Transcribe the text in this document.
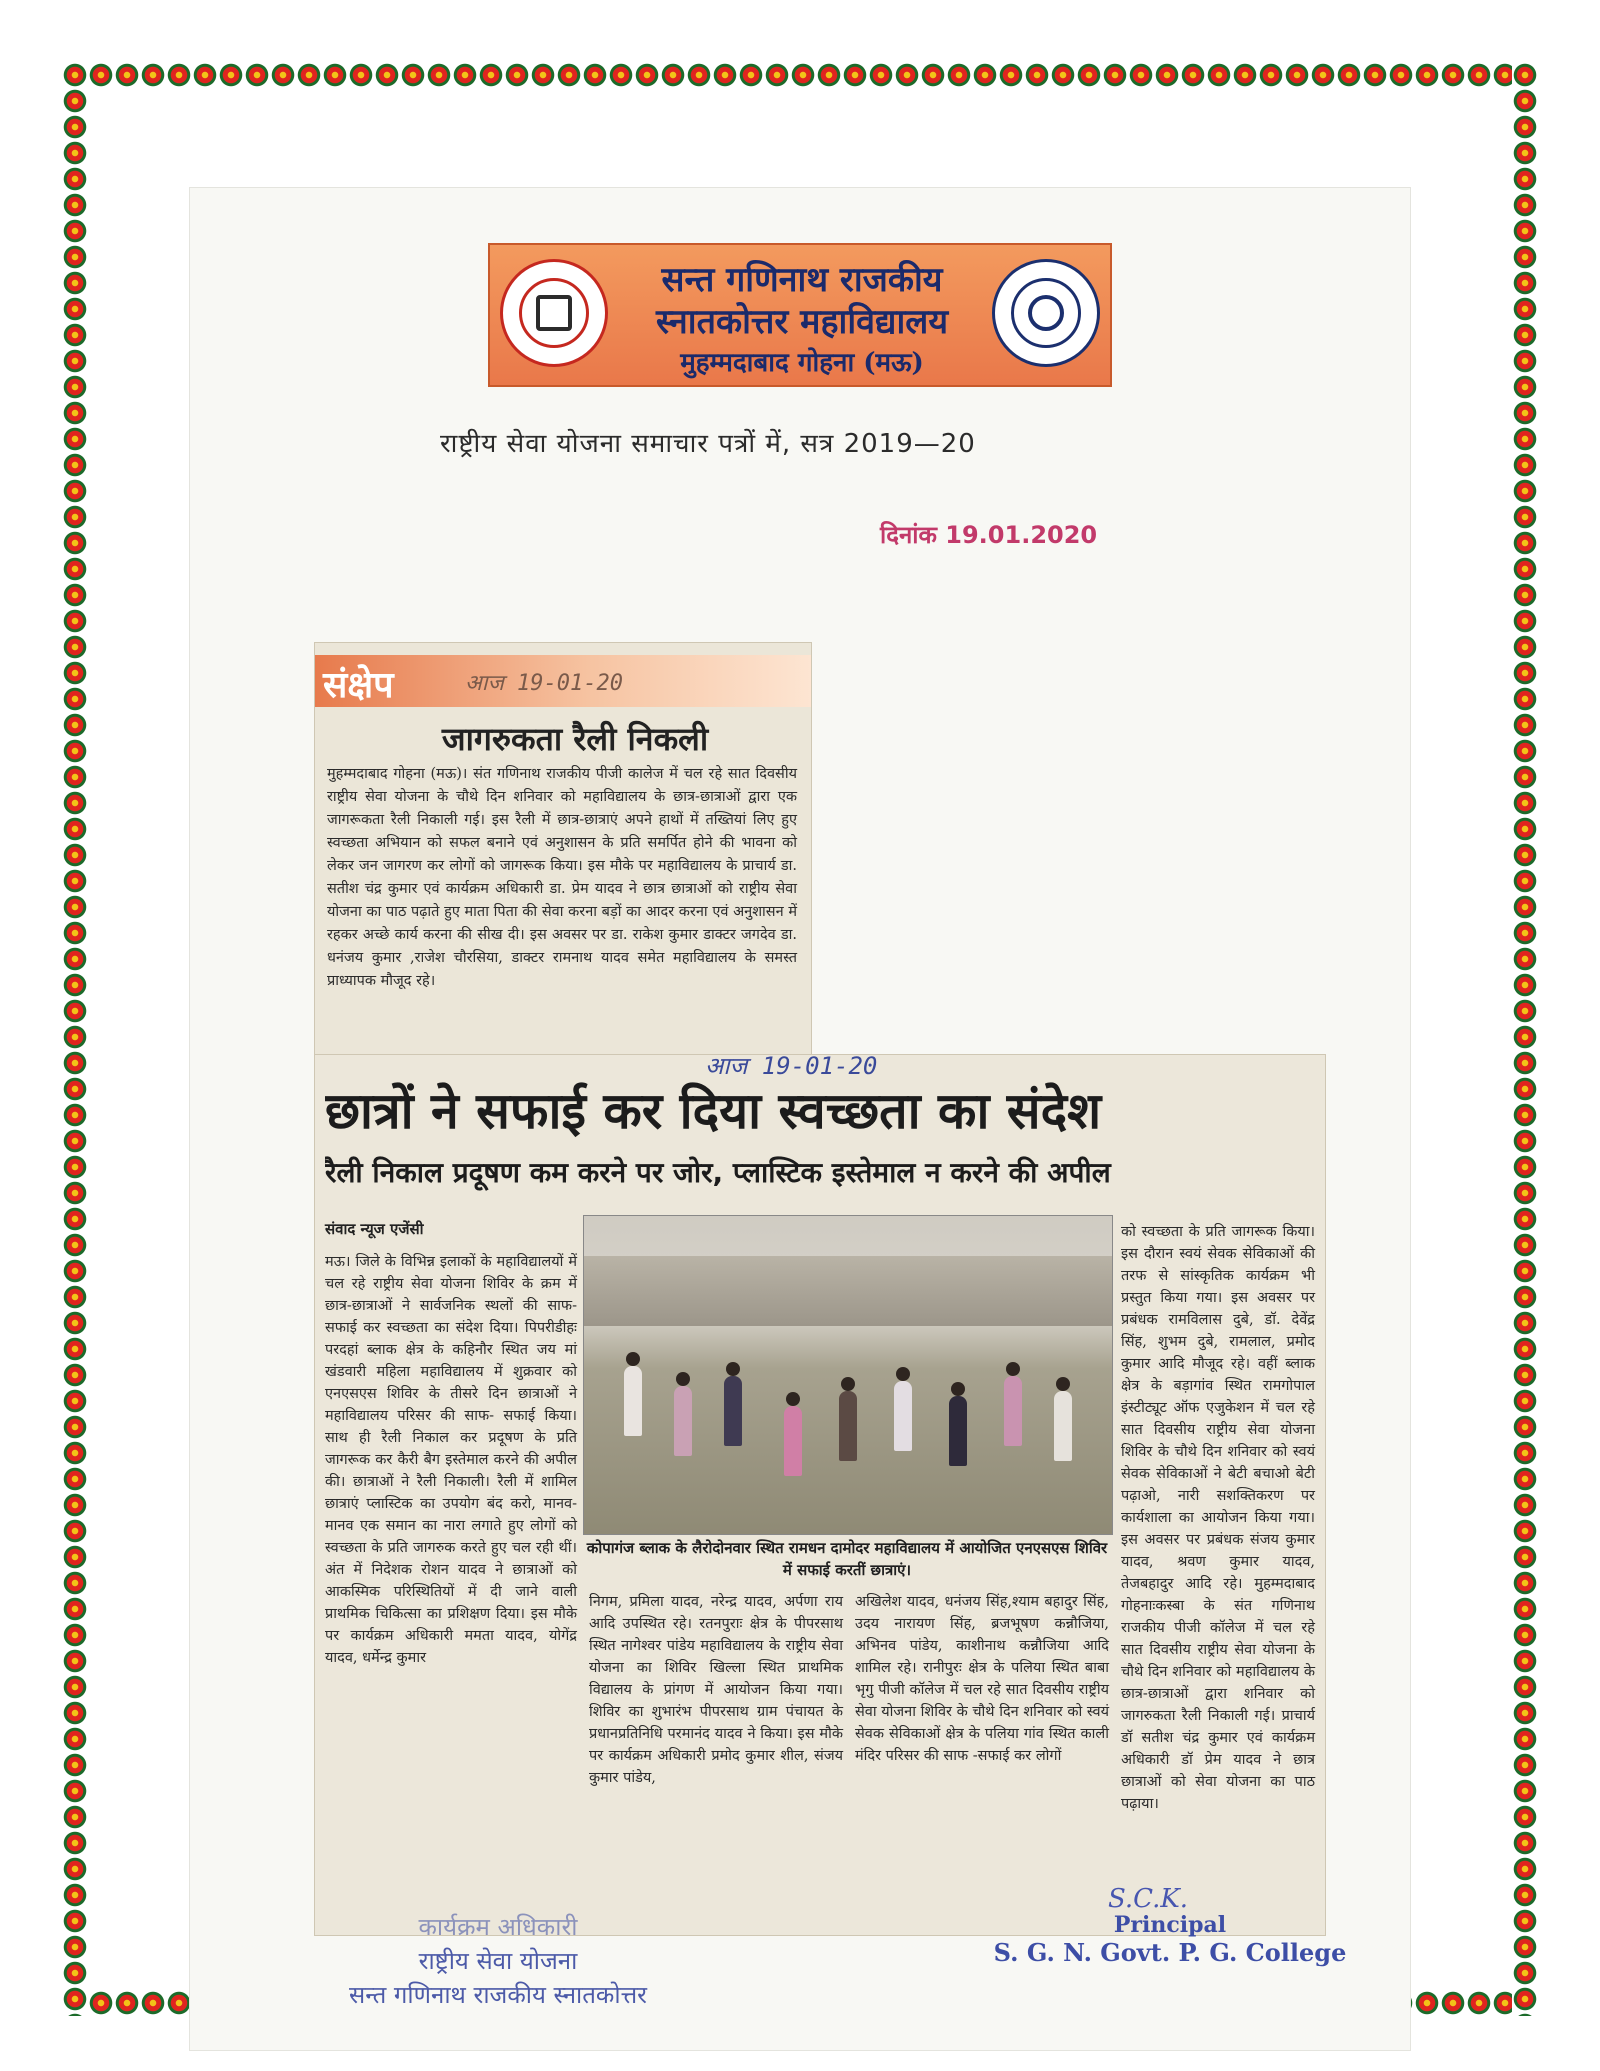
सन्त गणिनाथ राजकीय
स्नातकोत्तर महाविद्यालय
मुहम्मदाबाद गोहना (मऊ)
राष्ट्रीय सेवा योजना समाचार पत्रों में, सत्र 2019—20
दिनांक 19.01.2020
संक्षेप	आज 19-01-20
जागरुकता रैली निकली
मुहम्मदाबाद गोहना (मऊ)। संत गणिनाथ राजकीय पीजी कालेज में चल रहे सात दिवसीय राष्ट्रीय सेवा योजना के चौथे दिन शनिवार को महाविद्यालय के छात्र-छात्राओं द्वारा एक जागरूकता रैली निकाली गई। इस रैली में छात्र-छात्राएं अपने हाथों में तख्तियां लिए हुए स्वच्छता अभियान को सफल बनाने एवं अनुशासन के प्रति समर्पित होने की भावना को लेकर जन जागरण कर लोगों को जागरूक किया। इस मौके पर महाविद्यालय के प्राचार्य डा. सतीश चंद्र कुमार एवं कार्यक्रम अधिकारी डा. प्रेम यादव ने छात्र छात्राओं को राष्ट्रीय सेवा योजना का पाठ पढ़ाते हुए माता पिता की सेवा करना बड़ों का आदर करना एवं अनुशासन में रहकर अच्छे कार्य करना की सीख दी। इस अवसर पर डा. राकेश कुमार डाक्टर जगदेव डा. धनंजय कुमार ,राजेश चौरसिया, डाक्टर रामनाथ यादव समेत महाविद्यालय के समस्त प्राध्यापक मौजूद रहे।
आज 19-01-20
छात्रों ने सफाई कर दिया स्वच्छता का संदेश
रैली निकाल प्रदूषण कम करने पर जोर, प्लास्टिक इस्तेमाल न करने की अपील
संवाद न्यूज एजेंसी
मऊ। जिले के विभिन्न इलाकों के महाविद्यालयों में चल रहे राष्ट्रीय सेवा योजना शिविर के क्रम में छात्र-छात्राओं ने सार्वजनिक स्थलों की साफ-सफाई कर स्वच्छता का संदेश दिया। पिपरीडीहः परदहां ब्लाक क्षेत्र के कहिनौर स्थित जय मां खंडवारी महिला महाविद्यालय में शुक्रवार को एनएसएस शिविर के तीसरे दिन छात्राओं ने महाविद्यालय परिसर की साफ- सफाई किया। साथ ही रैली निकाल कर प्रदूषण के प्रति जागरूक कर कैरी बैग इस्तेमाल करने की अपील की। छात्राओं ने रैली निकाली। रैली में शामिल छात्राएं प्लास्टिक का उपयोग बंद करो, मानव-मानव एक समान का नारा लगाते हुए लोगों को स्वच्छता के प्रति जागरुक करते हुए चल रही थीं। अंत में निदेशक रोशन यादव ने छात्राओं को आकस्मिक परिस्थितियों में दी जाने वाली प्राथमिक चिकित्सा का प्रशिक्षण दिया। इस मौके पर कार्यक्रम अधिकारी ममता यादव, योगेंद्र यादव, धर्मेन्द्र कुमार
कोपागंज ब्लाक के लैरोदोनवार स्थित रामधन दामोदर महाविद्यालय में आयोजित एनएसएस शिविर में सफाई करतीं छात्राएं।
निगम, प्रमिला यादव, नरेन्द्र यादव, अर्पणा राय आदि उपस्थित रहे। रतनपुराः क्षेत्र के पीपरसाथ स्थित नागेश्वर पांडेय महाविद्यालय के राष्ट्रीय सेवा योजना का शिविर खिल्ला स्थित प्राथमिक विद्यालय के प्रांगण में आयोजन किया गया। शिविर का शुभारंभ पीपरसाथ ग्राम पंचायत के प्रधानप्रतिनिधि परमानंद यादव ने किया। इस मौके पर कार्यक्रम अधिकारी प्रमोद कुमार शील, संजय कुमार पांडेय,
अखिलेश यादव, धनंजय सिंह,श्याम बहादुर सिंह, उदय नारायण सिंह, ब्रजभूषण कन्नौजिया, अभिनव पांडेय, काशीनाथ कन्नौजिया आदि शामिल रहे। रानीपुरः क्षेत्र के पलिया स्थित बाबा भृगु पीजी कॉलेज में चल रहे सात दिवसीय राष्ट्रीय सेवा योजना शिविर के चौथे दिन शनिवार को स्वयं सेवक सेविकाओं क्षेत्र के पलिया गांव स्थित काली मंदिर परिसर की साफ -सफाई कर लोगों
को स्वच्छता के प्रति जागरूक किया। इस दौरान स्वयं सेवक सेविकाओं की तरफ से सांस्कृतिक कार्यक्रम भी प्रस्तुत किया गया। इस अवसर पर प्रबंधक रामविलास दुबे, डॉ. देवेंद्र सिंह, शुभम दुबे, रामलाल, प्रमोद कुमार आदि मौजूद रहे। वहीं ब्लाक क्षेत्र के बड़ागांव स्थित रामगोपाल इंस्टीट्यूट ऑफ एजुकेशन में चल रहे सात दिवसीय राष्ट्रीय सेवा योजना शिविर के चौथे दिन शनिवार को स्वयं सेवक सेविकाओं ने बेटी बचाओ बेटी पढ़ाओ, नारी सशक्तिकरण पर कार्यशाला का आयोजन किया गया। इस अवसर पर प्रबंधक संजय कुमार यादव, श्रवण कुमार यादव, तेजबहादुर आदि रहे। मुहम्मदाबाद गोहनाःकस्बा के संत गणिनाथ राजकीय पीजी कॉलेज में चल रहे सात दिवसीय राष्ट्रीय सेवा योजना के चौथे दिन शनिवार को महाविद्यालय के छात्र-छात्राओं द्वारा शनिवार को जागरुकता रैली निकाली गई। प्राचार्य डॉ सतीश चंद्र कुमार एवं कार्यक्रम अधिकारी डॉ प्रेम यादव ने छात्र छात्राओं को सेवा योजना का पाठ पढ़ाया।
कार्यक्रम अधिकारी
राष्ट्रीय सेवा योजना
सन्त गणिनाथ राजकीय स्नातकोत्तर
S.C.K.
Principal
S. G. N. Govt. P. G. College
